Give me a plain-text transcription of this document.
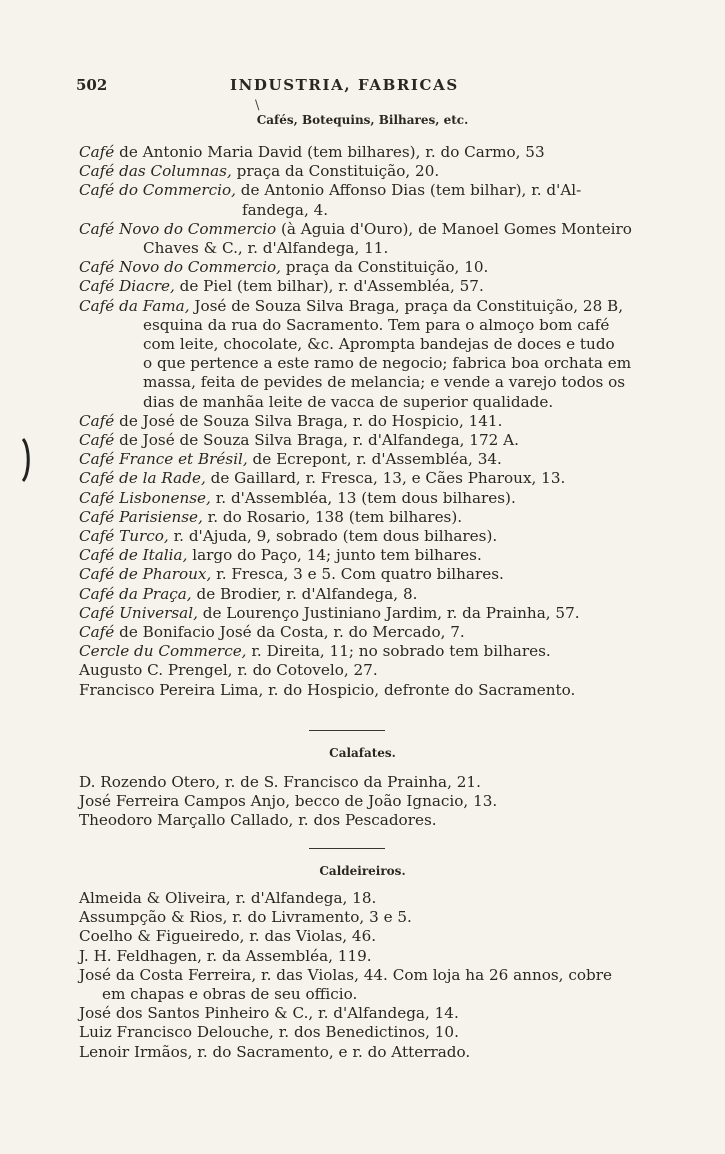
502	INDUSTRIA, FABRICAS
\
Cafés, Botequins, Bilhares, etc.
Café de Antonio Maria David (tem bilhares), r. do Carmo, 53
Café das Columnas, praça da Constituição, 20.
Café do Commercio, de Antonio Affonso Dias (tem bilhar), r. d'Al-
fandega, 4.
Café Novo do Commercio (à Aguia d'Ouro), de Manoel Gomes Monteiro
Chaves & C., r. d'Alfandega, 11.
Café Novo do Commercio, praça da Constituição, 10.
Café Diacre, de Piel (tem bilhar), r. d'Assembléa, 57.
Café da Fama, José de Souza Silva Braga, praça da Constituição, 28 B,
esquina da rua do Sacramento. Tem para o almoço bom café
com leite, chocolate, &c. Apromptа bandejas de doces e tudo
o que pertence a este ramo de negocio; fabrica boa orchata em
massa, feita de pevides de melancia; e vende a varejo todos os
dias de manhãa leite de vacca de superior qualidade.
Café de José de Souza Silva Braga, r. do Hospicio, 141.
Café de José de Souza Silva Braga, r. d'Alfandega, 172 A.
Café France et Brésil, de Ecrepont, r. d'Assembléa, 34.
Café de la Rade, de Gaillard, r. Fresca, 13, e Cães Pharoux, 13.
Café Lisbonense, r. d'Assembléa, 13 (tem dous bilhares).
Café Parisiense, r. do Rosario, 138 (tem bilhares).
Café Turco, r. d'Ajuda, 9, sobrado (tem dous bilhares).
Café de Italia, largo do Paço, 14; junto tem bilhares.
Café de Pharoux, r. Fresca, 3 e 5. Com quatro bilhares.
Café da Praça, de Brodier, r. d'Alfandega, 8.
Café Universal, de Lourenço Justiniano Jardim, r. da Prainha, 57.
Café de Bonifacio José da Costa, r. do Mercado, 7.
Cercle du Commerce, r. Direita, 11; no sobrado tem bilhares.
Augusto C. Prengel, r. do Cotovelo, 27.
Francisco Pereira Lima, r. do Hospicio, defronte do Sacramento.
Calafates.
D. Rozendo Otero, r. de S. Francisco da Prainha, 21.
José Ferreira Campos Anjo, becco de João Ignacio, 13.
Theodoro Marçallo Callado, r. dos Pescadores.
Caldeireiros.
Almeida & Oliveira, r. d'Alfandega, 18.
Assumpção & Rios, r. do Livramento, 3 e 5.
Coelho & Figueiredo, r. das Violas, 46.
J. H. Feldhagen, r. da Assembléa, 119.
José da Costa Ferreira, r. das Violas, 44. Com loja ha 26 annos, cobre
em chapas e obras de seu officio.
José dos Santos Pinheiro & C., r. d'Alfandega, 14.
Luiz Francisco Delouche, r. dos Benedictinos, 10.
Lenoir Irmãos, r. do Sacramento, e r. do Atterrado.
